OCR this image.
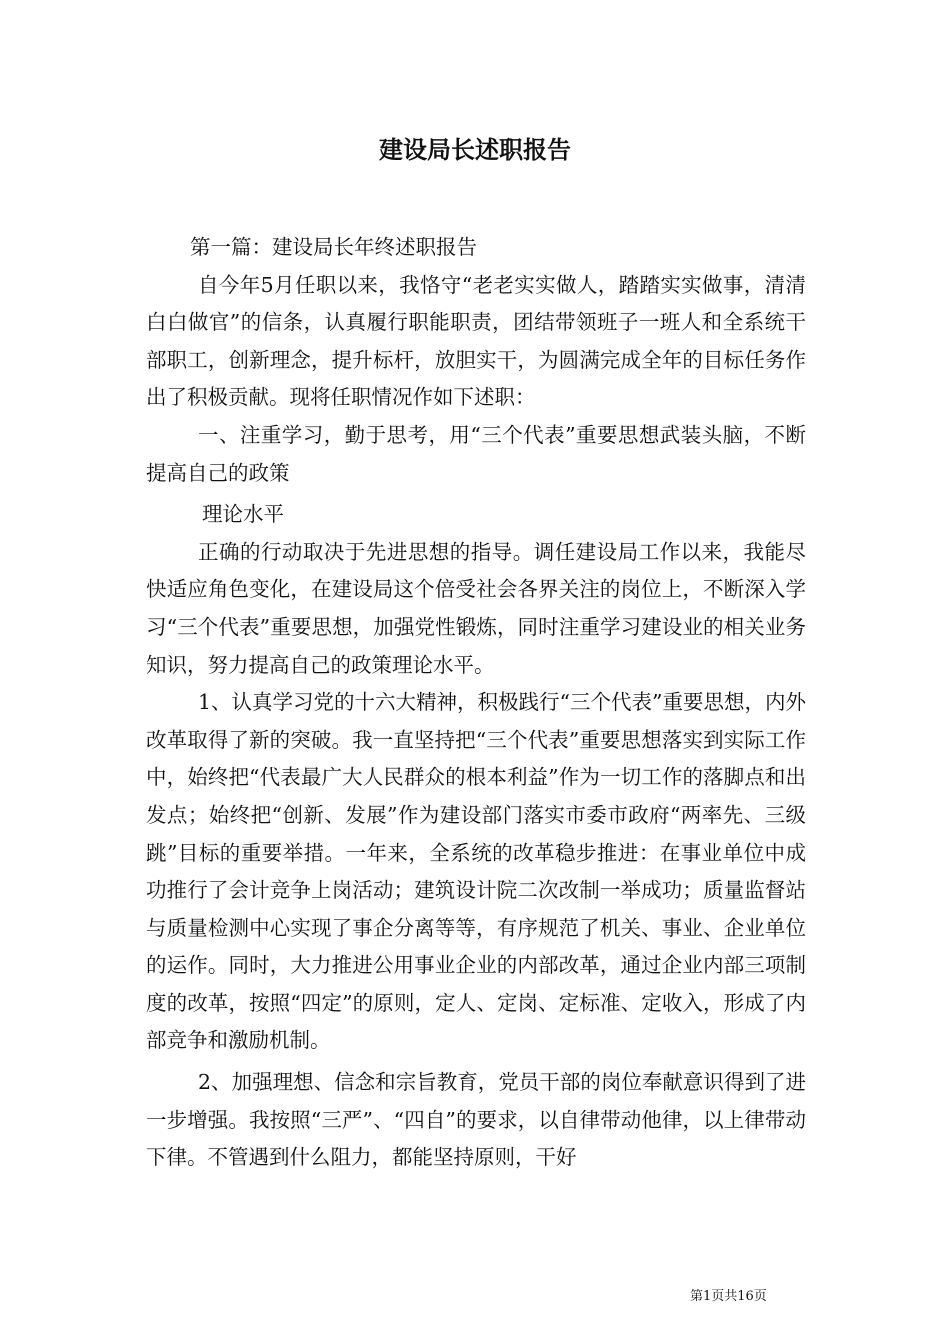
建设局长述职报告

第一篇：建设局长年终述职报告

自今年5月任职以来，我恪守“老老实实做人，踏踏实实做事，清清白白做官”的信条，认真履行职能职责，团结带领班子一班人和全系统干部职工，创新理念，提升标杆，放胆实干，为圆满完成全年的目标任务作出了积极贡献。现将任职情况作如下述职：

一、注重学习，勤于思考，用“三个代表”重要思想武装头脑，不断提高自己的政策

理论水平

正确的行动取决于先进思想的指导。调任建设局工作以来，我能尽快适应角色变化，在建设局这个倍受社会各界关注的岗位上，不断深入学习“三个代表”重要思想，加强党性锻炼，同时注重学习建设业的相关业务知识，努力提高自己的政策理论水平。

1、认真学习党的十六大精神，积极践行“三个代表”重要思想，内外改革取得了新的突破。我一直坚持把“三个代表”重要思想落实到实际工作中，始终把“代表最广大人民群众的根本利益”作为一切工作的落脚点和出发点；始终把“创新、发展”作为建设部门落实市委市政府“两率先、三级跳”目标的重要举措。一年来，全系统的改革稳步推进：在事业单位中成功推行了会计竞争上岗活动；建筑设计院二次改制一举成功；质量监督站与质量检测中心实现了事企分离等等，有序规范了机关、事业、企业单位的运作。同时，大力推进公用事业企业的内部改革，通过企业内部三项制度的改革，按照“四定”的原则，定人、定岗、定标准、定收入，形成了内部竞争和激励机制。

2、加强理想、信念和宗旨教育，党员干部的岗位奉献意识得到了进一步增强。我按照“三严”、“四自”的要求，以自律带动他律，以上律带动下律。不管遇到什么阻力，都能坚持原则，干好

第1页共16页
